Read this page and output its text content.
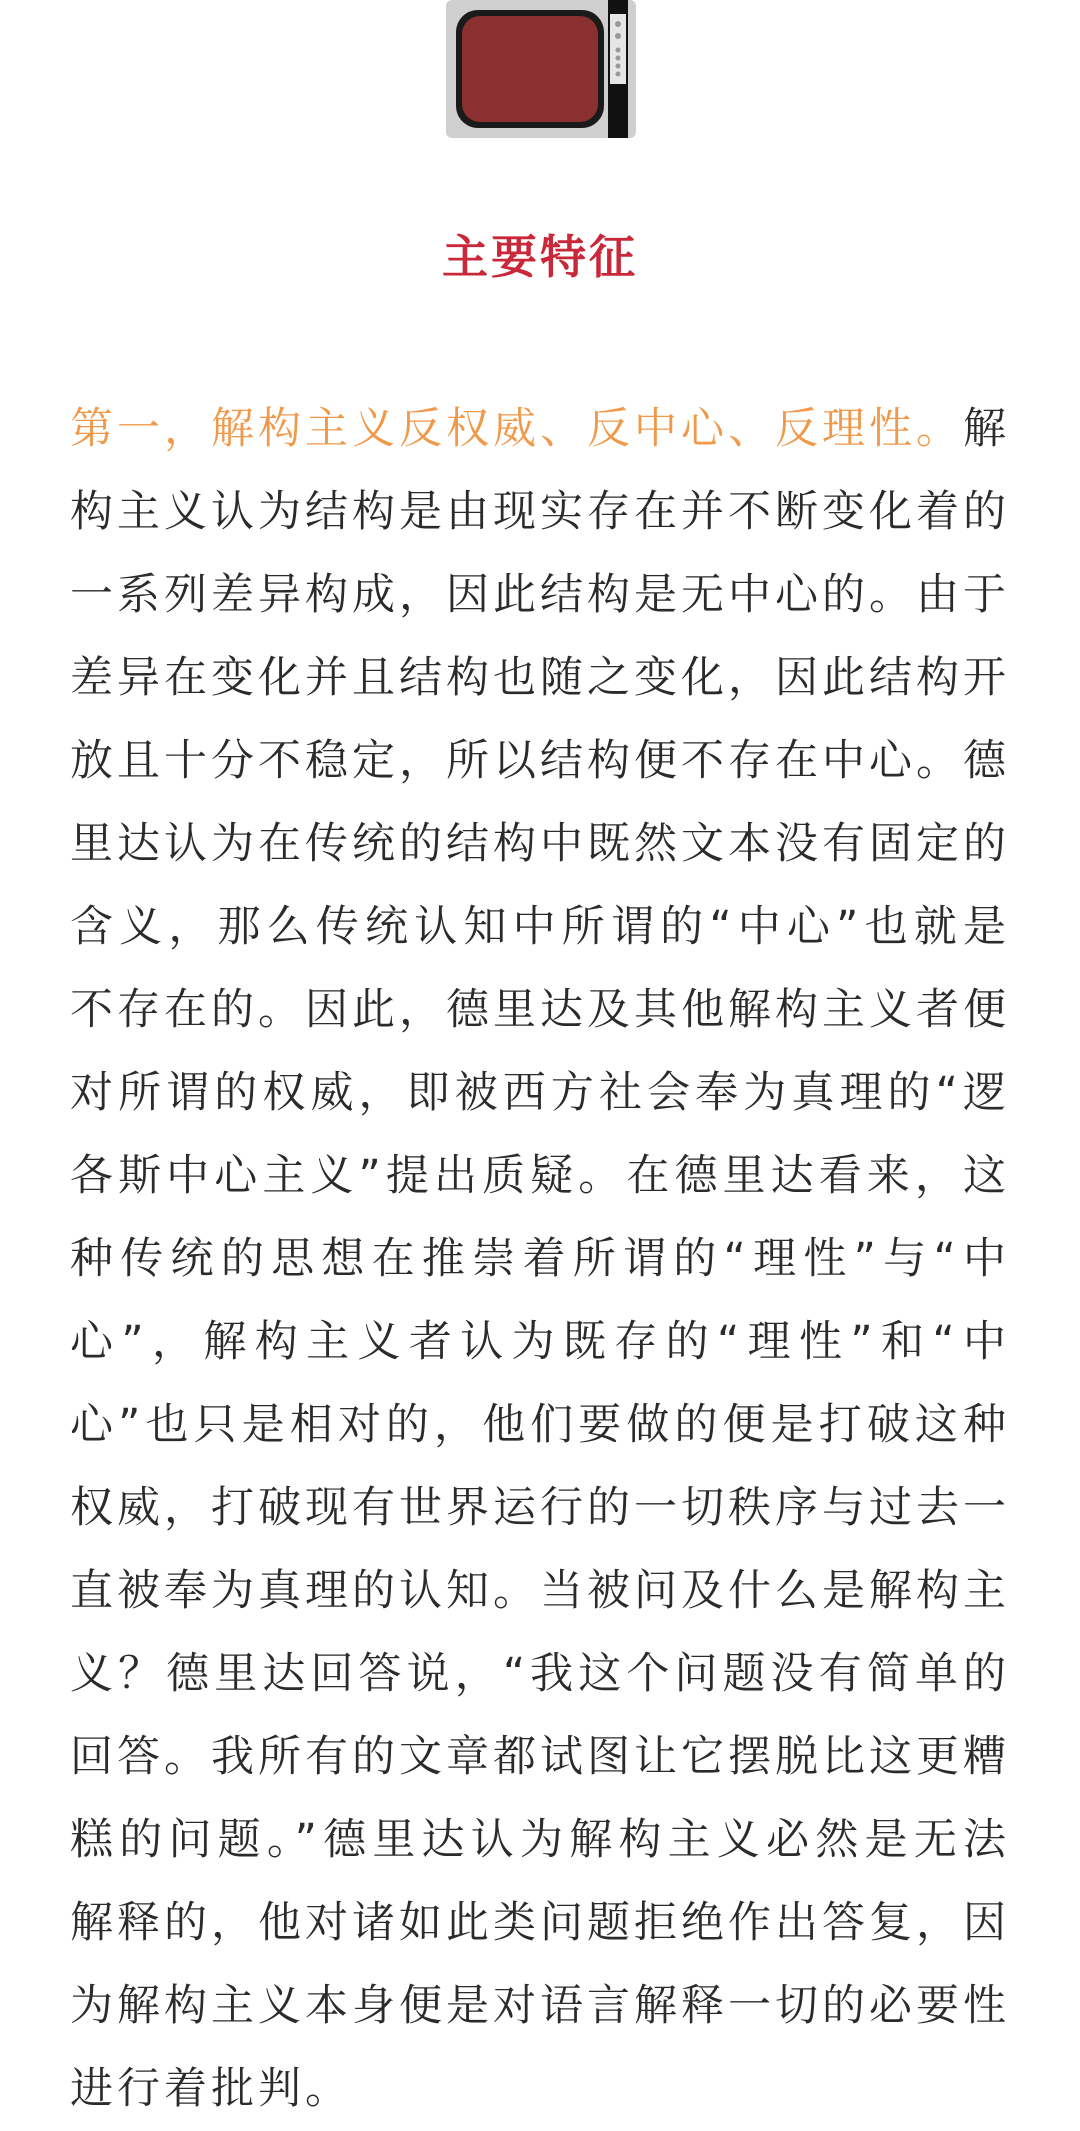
主要特征

第一，解构主义反权威、反中心、反理性。解构主义认为结构是由现实存在并不断变化着的一系列差异构成，因此结构是无中心的。由于差异在变化并且结构也随之变化，因此结构开放且十分不稳定，所以结构便不存在中心。德里达认为在传统的结构中既然文本没有固定的含义，那么传统认知中所谓的“中心”也就是不存在的。因此，德里达及其他解构主义者便对所谓的权威，即被西方社会奉为真理的“逻各斯中心主义”提出质疑。在德里达看来，这种传统的思想在推崇着所谓的“理性”与“中心”，解构主义者认为既存的“理性”和“中心”也只是相对的，他们要做的便是打破这种权威，打破现有世界运行的一切秩序与过去一直被奉为真理的认知。当被问及什么是解构主义？德里达回答说，“我这个问题没有简单的回答。我所有的文章都试图让它摆脱比这更糟糕的问题。”德里达认为解构主义必然是无法解释的，他对诸如此类问题拒绝作出答复，因为解构主义本身便是对语言解释一切的必要性进行着批判。
